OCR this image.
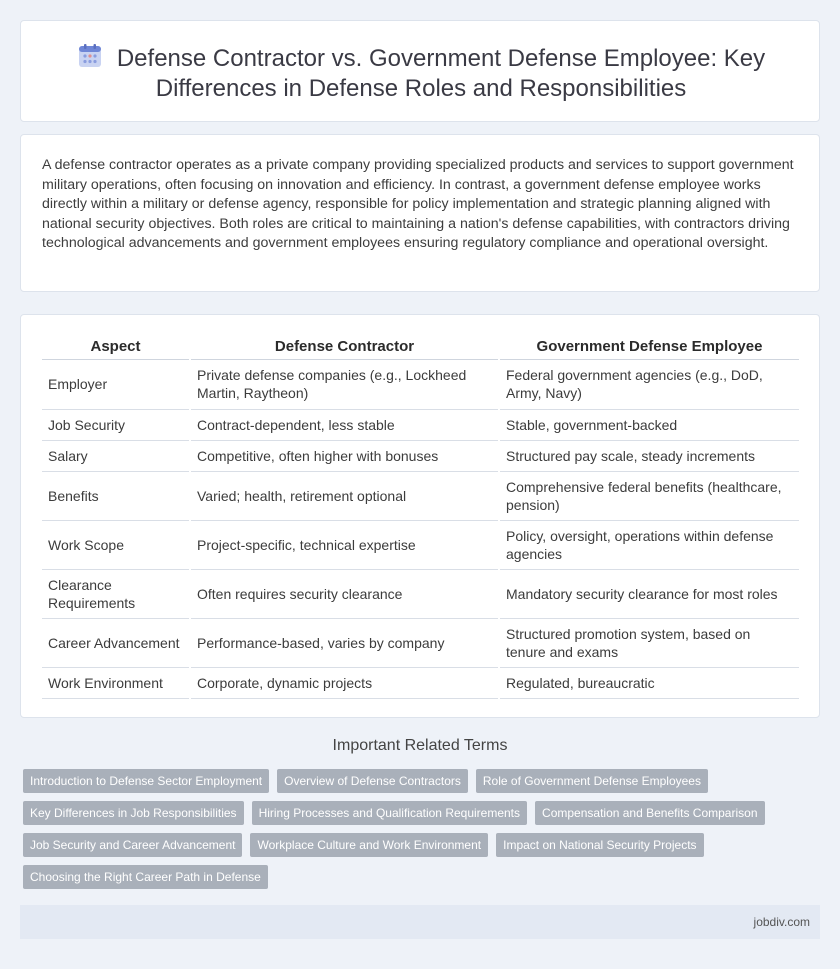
Defense Contractor vs. Government Defense Employee: Key
Differences in Defense Roles and Responsibilities

A defense contractor operates as a private company providing specialized products and services to support government military operations, often focusing on innovation and efficiency. In contrast, a government defense employee works directly within a military or defense agency, responsible for policy implementation and strategic planning aligned with national security objectives. Both roles are critical to maintaining a nation's defense capabilities, with contractors driving technological advancements and government employees ensuring regulatory compliance and operational oversight.

Aspect	Defense Contractor	Government Defense Employee
Employer	Private defense companies (e.g., Lockheed Martin, Raytheon)	Federal government agencies (e.g., DoD, Army, Navy)
Job Security	Contract-dependent, less stable	Stable, government-backed
Salary	Competitive, often higher with bonuses	Structured pay scale, steady increments
Benefits	Varied; health, retirement optional	Comprehensive federal benefits (healthcare, pension)
Work Scope	Project-specific, technical expertise	Policy, oversight, operations within defense agencies
Clearance Requirements	Often requires security clearance	Mandatory security clearance for most roles
Career Advancement	Performance-based, varies by company	Structured promotion system, based on tenure and exams
Work Environment	Corporate, dynamic projects	Regulated, bureaucratic
Important Related Terms
Introduction to Defense Sector Employment	Overview of Defense Contractors	Role of Government Defense Employees
Key Differences in Job Responsibilities	Hiring Processes and Qualification Requirements	Compensation and Benefits Comparison
Job Security and Career Advancement	Workplace Culture and Work Environment	Impact on National Security Projects
Choosing the Right Career Path in Defense
jobdiv.com
